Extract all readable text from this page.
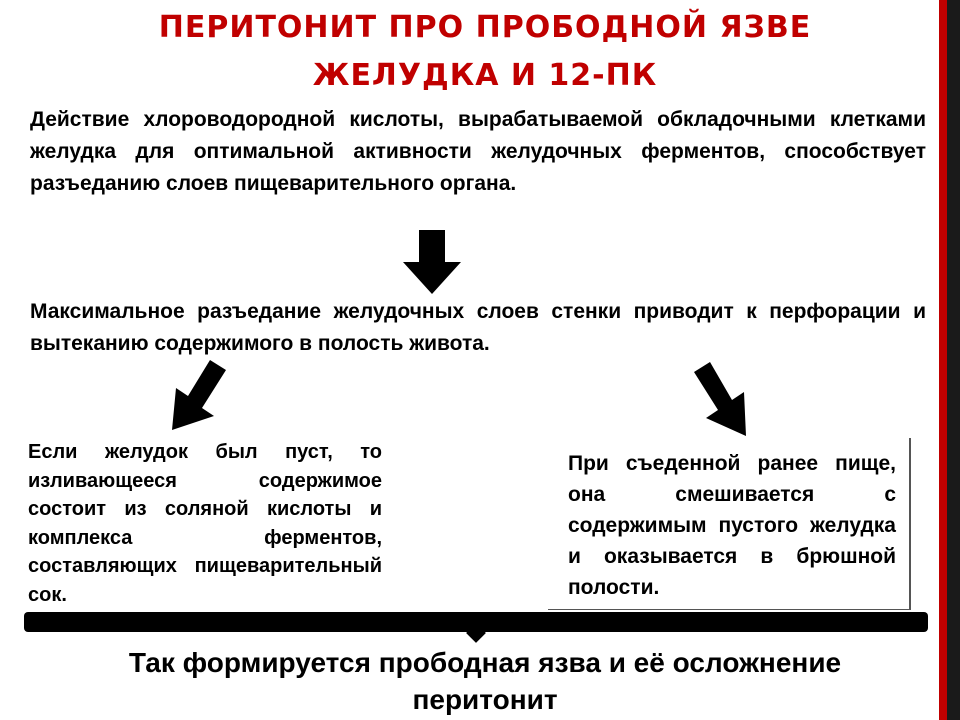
ПЕРИТОНИТ ПРО ПРОБОДНОЙ ЯЗВЕ
ЖЕЛУДКА И 12-ПК
Действие хлороводородной кислоты, вырабатываемой обкладочными клетками желудка для оптимальной активности желудочных ферментов, способствует разъеданию слоев пищеварительного органа.
Максимальное разъедание желудочных слоев стенки приводит к перфорации и вытеканию содержимого в полость живота.
Если желудок был пуст, то изливающееся содержимое состоит из соляной кислоты и комплекса ферментов, составляющих пищеварительный сок.
При съеденной ранее пище, она смешивается с содержимым пустого желудка и оказывается в брюшной полости.
Так формируется прободная язва и её осложнение
перитонит
